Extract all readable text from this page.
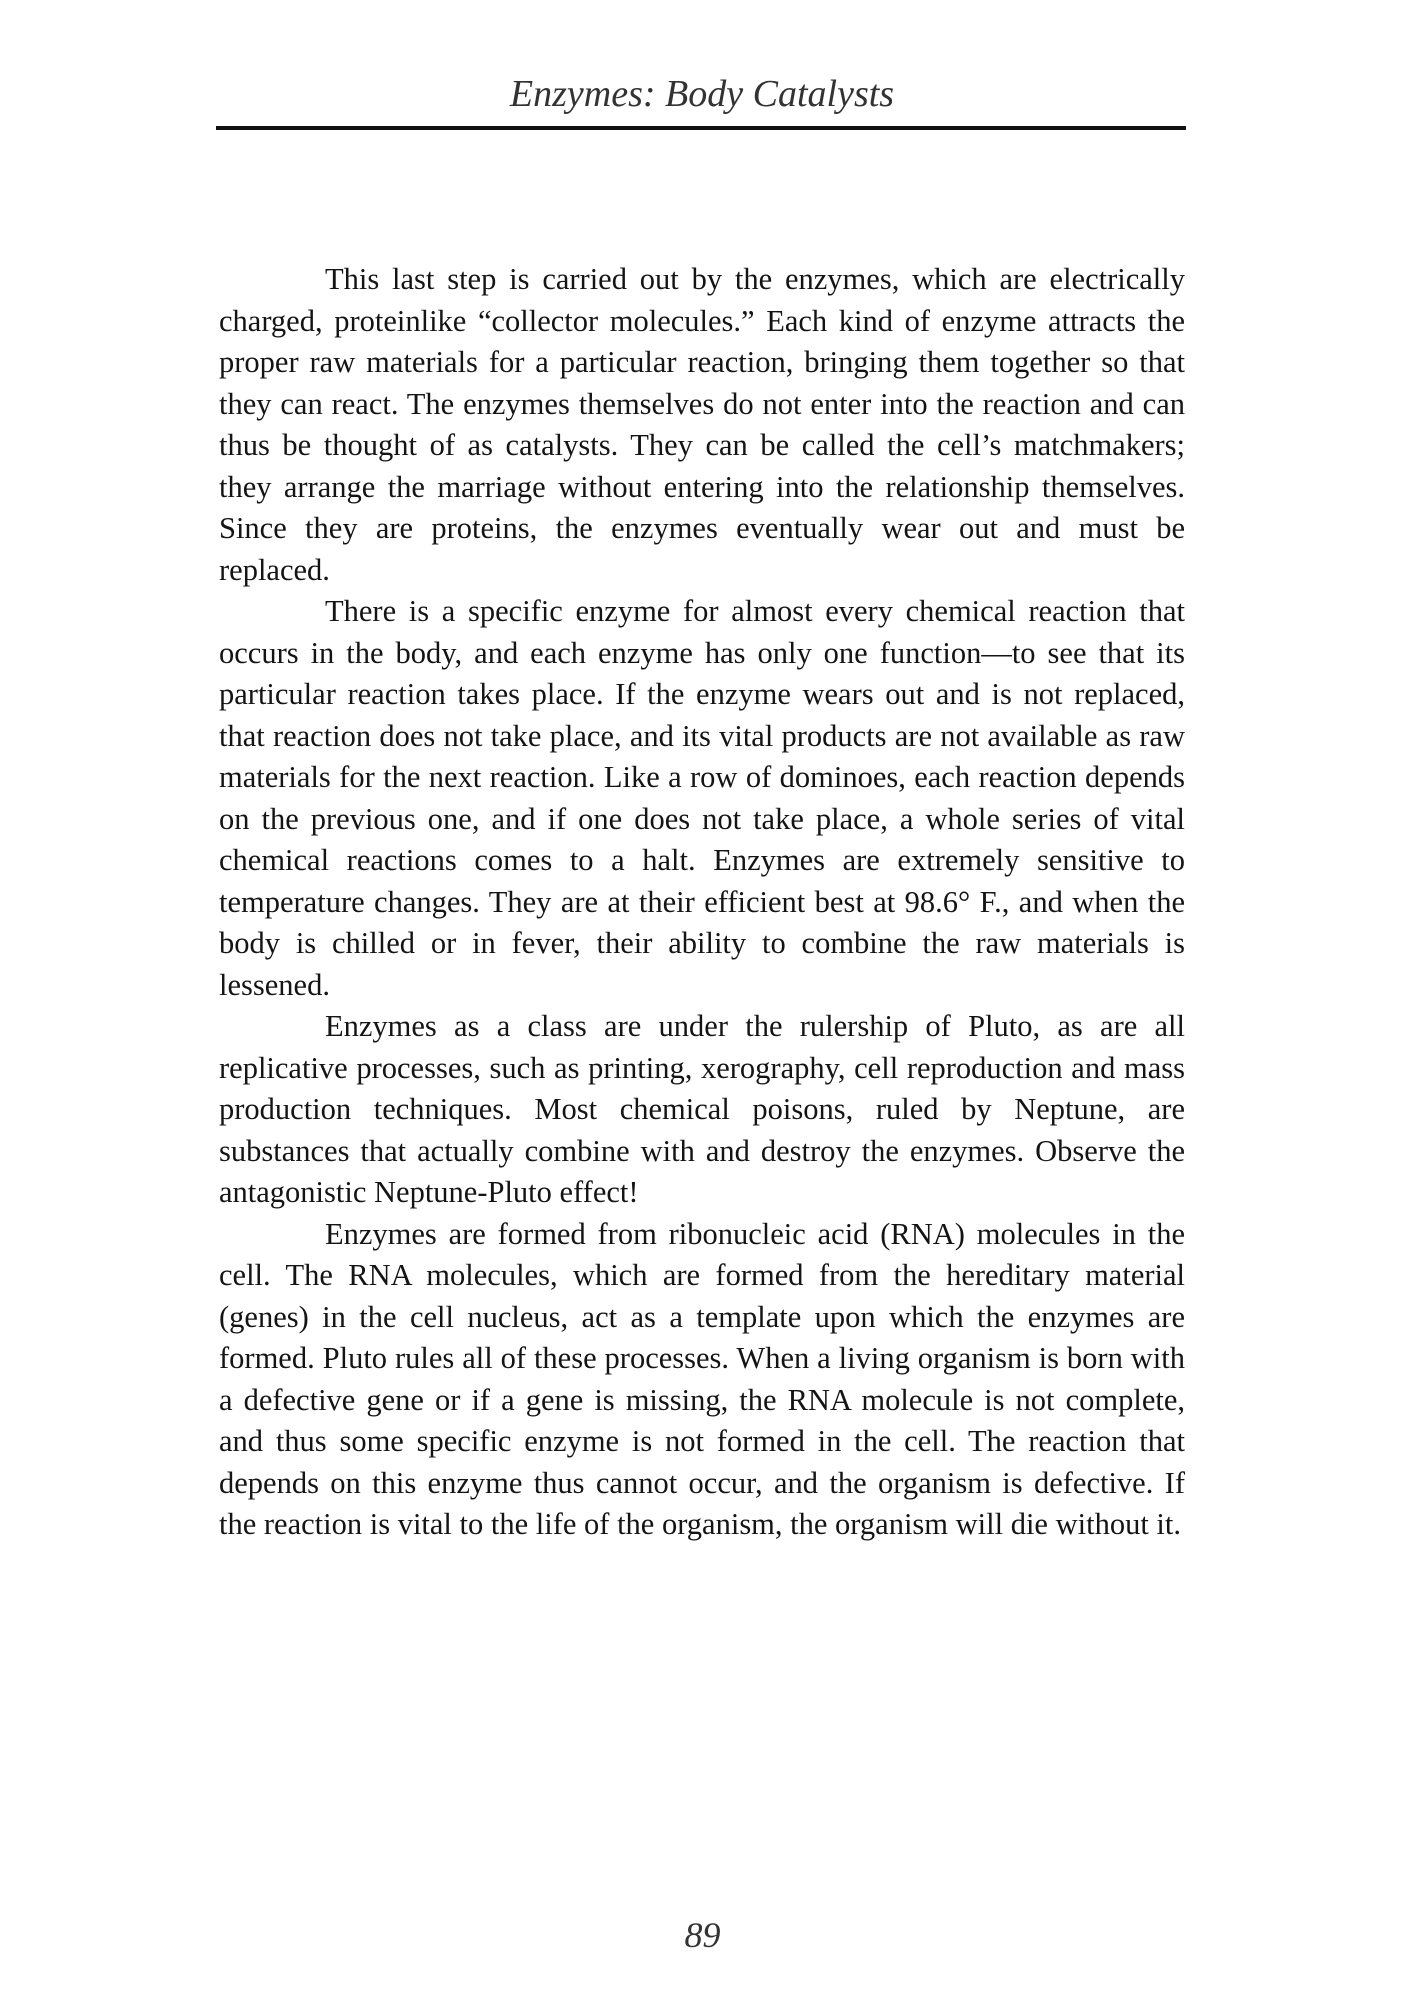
Enzymes: Body Catalysts

This last step is carried out by the enzymes, which are electrically charged, proteinlike “collector molecules.” Each kind of enzyme attracts the proper raw materials for a particular reaction, bringing them together so that they can react. The enzymes themselves do not enter into the reaction and can thus be thought of as catalysts. They can be called the cell’s matchmakers; they arrange the marriage without entering into the relationship themselves. Since they are proteins, the enzymes eventually wear out and must be replaced.

There is a specific enzyme for almost every chemical reaction that occurs in the body, and each enzyme has only one function—to see that its particular reaction takes place. If the enzyme wears out and is not replaced, that reaction does not take place, and its vital products are not available as raw materials for the next reaction. Like a row of dominoes, each reaction depends on the previous one, and if one does not take place, a whole series of vital chemical reactions comes to a halt. Enzymes are extremely sensitive to temperature changes. They are at their efficient best at 98.6° F., and when the body is chilled or in fever, their ability to combine the raw materials is lessened.

Enzymes as a class are under the rulership of Pluto, as are all replicative processes, such as printing, xerography, cell reproduction and mass production techniques. Most chemical poisons, ruled by Neptune, are substances that actually combine with and destroy the enzymes. Observe the antagonistic Neptune-Pluto effect!

Enzymes are formed from ribonucleic acid (RNA) molecules in the cell. The RNA molecules, which are formed from the hereditary material (genes) in the cell nucleus, act as a template upon which the enzymes are formed. Pluto rules all of these processes. When a living organism is born with a defective gene or if a gene is missing, the RNA molecule is not complete, and thus some specific enzyme is not formed in the cell. The reaction that depends on this enzyme thus cannot occur, and the organism is defective. If the reaction is vital to the life of the organism, the organism will die without it.

89
